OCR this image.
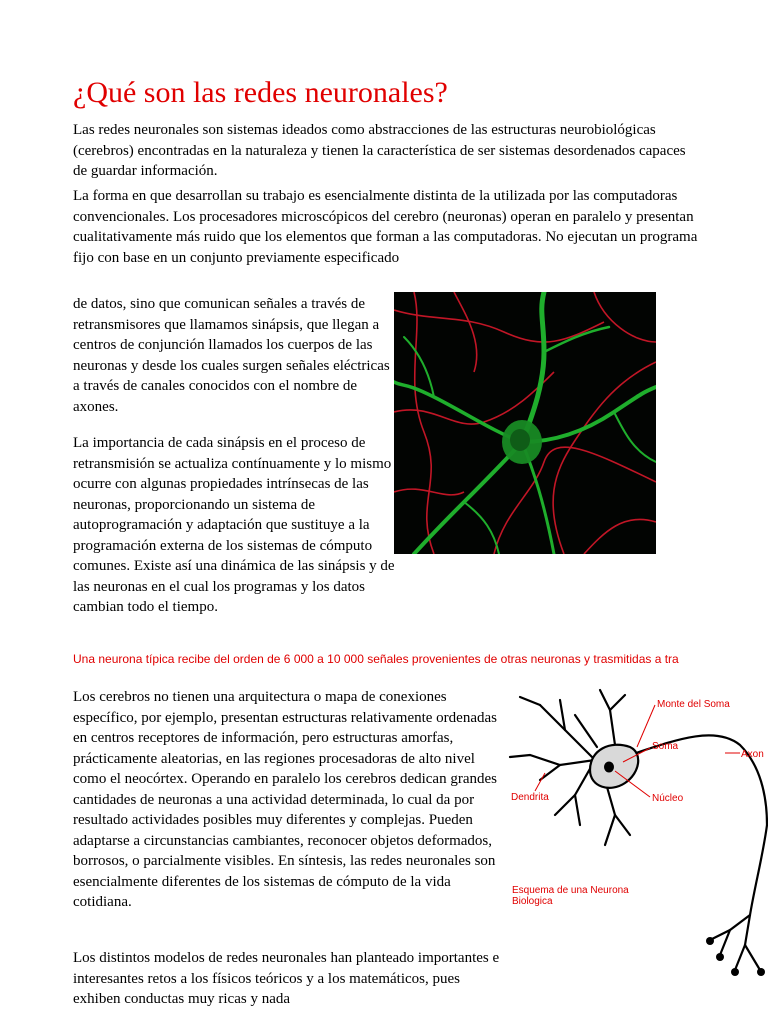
¿Qué son las redes neuronales?

Las redes neuronales son sistemas ideados como abstracciones de las estructuras neurobiológicas (cerebros) encontradas en la naturaleza y tienen la característica de ser sistemas desordenados capaces de guardar información.

La forma en que desarrollan su trabajo es esencialmente distinta de la utilizada por las computadoras convencionales. Los procesadores microscópicos del cerebro (neuronas) operan en paralelo y presentan cualitativamente más ruido que los elementos que forman a las computadoras. No ejecutan un programa fijo con base en un conjunto previamente especificado

de datos, sino que comunican señales a través de retransmisores que llamamos sinápsis, que llegan a centros de conjunción llamados los cuerpos de las neuronas y desde los cuales surgen señales eléctricas a través de canales conocidos con el nombre de axones.

La importancia de cada sinápsis en el proceso de retransmisión se actualiza contínuamente y lo mismo ocurre con algunas propiedades intrínsecas de las neuronas, proporcionando un sistema de autoprogramación y adaptación que sustituye a la programación externa de los sistemas de cómputo comunes. Existe así una dinámica de las sinápsis y de las neuronas en el cual los programas y los datos cambian todo el tiempo.

Una neurona típica recibe del orden de 6 000 a 10 000 señales provenientes de otras neuronas y trasmitidas a tra

Los cerebros no tienen una arquitectura o mapa de conexiones específico, por ejemplo, presentan estructuras relativamente ordenadas en centros receptores de información, pero estructuras amorfas, prácticamente aleatorias, en las regiones procesadoras de alto nivel como el neocórtex. Operando en paralelo los cerebros dedican grandes cantidades de neuronas a una actividad determinada, lo cual da por resultado actividades posibles muy diferentes y complejas. Pueden adaptarse a circunstancias cambiantes, reconocer objetos deformados, borrosos, o parcialmente visibles. En síntesis, las redes neuronales son esencialmente diferentes de los sistemas de cómputo de la vida cotidiana.

Los distintos modelos de redes neuronales han planteado importantes e interesantes retos a los físicos teóricos y a los matemáticos, pues exhiben conductas muy ricas y nada

Monte del Soma
Soma
Axon
Núcleo
Dendrita
Esquema de una Neurona Biologica
